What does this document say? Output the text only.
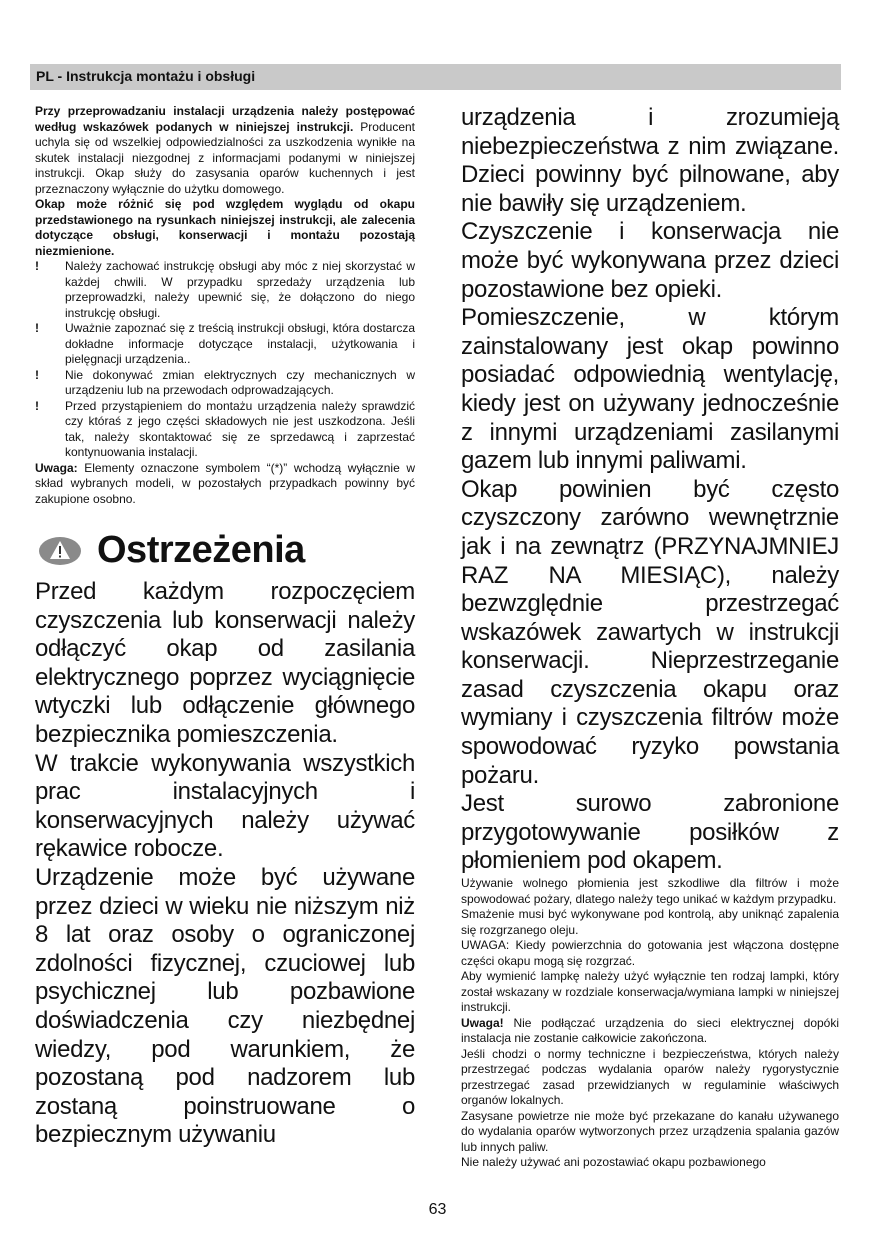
PL - Instrukcja montażu i obsługi

Przy przeprowadzaniu instalacji urządzenia należy postępować według wskazówek podanych w niniejszej instrukcji. Producent uchyla się od wszelkiej odpowiedzialności za uszkodzenia wynikłe na skutek instalacji niezgodnej z informacjami podanymi w niniejszej instrukcji. Okap służy do zasysania oparów kuchennych i jest przeznaczony wyłącznie do użytku domowego.

Okap może różnić się pod względem wyglądu od okapu przedstawionego na rysunkach niniejszej instrukcji, ale zalecenia dotyczące obsługi, konserwacji i montażu pozostają niezmienione.

! Należy zachować instrukcję obsługi aby móc z niej skorzystać w każdej chwili. W przypadku sprzedaży urządzenia lub przeprowadzki, należy upewnić się, że dołączono do niego instrukcję obsługi.

! Uważnie zapoznać się z treścią instrukcji obsługi, która dostarcza dokładne informacje dotyczące instalacji, użytkowania i pielęgnacji urządzenia..

! Nie dokonywać zmian elektrycznych czy mechanicznych w urządzeniu lub na przewodach odprowadzających.

! Przed przystąpieniem do montażu urządzenia należy sprawdzić czy któraś z jego części składowych nie jest uszkodzona. Jeśli tak, należy skontaktować się ze sprzedawcą i zaprzestać kontynuowania instalacji.

Uwaga: Elementy oznaczone symbolem “(*)” wchodzą wyłącznie w skład wybranych modeli, w pozostałych przypadkach powinny być zakupione osobno.

Ostrzeżenia

Przed każdym rozpoczęciem czyszczenia lub konserwacji należy odłączyć okap od zasilania elektrycznego poprzez wyciągnięcie wtyczki lub odłączenie głównego bezpiecznika pomieszczenia.

W trakcie wykonywania wszystkich prac instalacyjnych i konserwacyjnych należy używać rękawice robocze.

Urządzenie może być używane przez dzieci w wieku nie niższym niż 8 lat oraz osoby o ograniczonej zdolności fizycznej, czuciowej lub psychicznej lub pozbawione doświadczenia czy niezbędnej wiedzy, pod warunkiem, że pozostaną pod nadzorem lub zostaną poinstruowane o bezpiecznym używaniu

urządzenia i zrozumieją niebezpieczeństwa z nim związane. Dzieci powinny być pilnowane, aby nie bawiły się urządzeniem.

Czyszczenie i konserwacja nie może być wykonywana przez dzieci pozostawione bez opieki.

Pomieszczenie, w którym zainstalowany jest okap powinno posiadać odpowiednią wentylację, kiedy jest on używany jednocześnie z innymi urządzeniami zasilanymi gazem lub innymi paliwami.

Okap powinien być często czyszczony zarówno wewnętrznie jak i na zewnątrz (PRZYNAJMNIEJ RAZ NA MIESIĄC), należy bezwzględnie przestrzegać wskazówek zawartych w instrukcji konserwacji. Nieprzestrzeganie zasad czyszczenia okapu oraz wymiany i czyszczenia filtrów może spowodować ryzyko powstania pożaru.

Jest surowo zabronione przygotowywanie posiłków z płomieniem pod okapem.

Używanie wolnego płomienia jest szkodliwe dla filtrów i może spowodować pożary, dlatego należy tego unikać w każdym przypadku.

Smażenie musi być wykonywane pod kontrolą, aby uniknąć zapalenia się rozgrzanego oleju.

UWAGA: Kiedy powierzchnia do gotowania jest włączona dostępne części okapu mogą się rozgrzać.

Aby wymienić lampkę należy użyć wyłącznie ten rodzaj lampki, który został wskazany w rozdziale konserwacja/wymiana lampki w niniejszej instrukcji.

Uwaga! Nie podłączać urządzenia do sieci elektrycznej dopóki instalacja nie zostanie całkowicie zakończona.

Jeśli chodzi o normy techniczne i bezpieczeństwa, których należy przestrzegać podczas wydalania oparów należy rygorystycznie przestrzegać zasad przewidzianych w regulaminie właściwych organów lokalnych.

Zasysane powietrze nie może być przekazane do kanału używanego do wydalania oparów wytworzonych przez urządzenia spalania gazów lub innych paliw.

Nie należy używać ani pozostawiać okapu pozbawionego

63
